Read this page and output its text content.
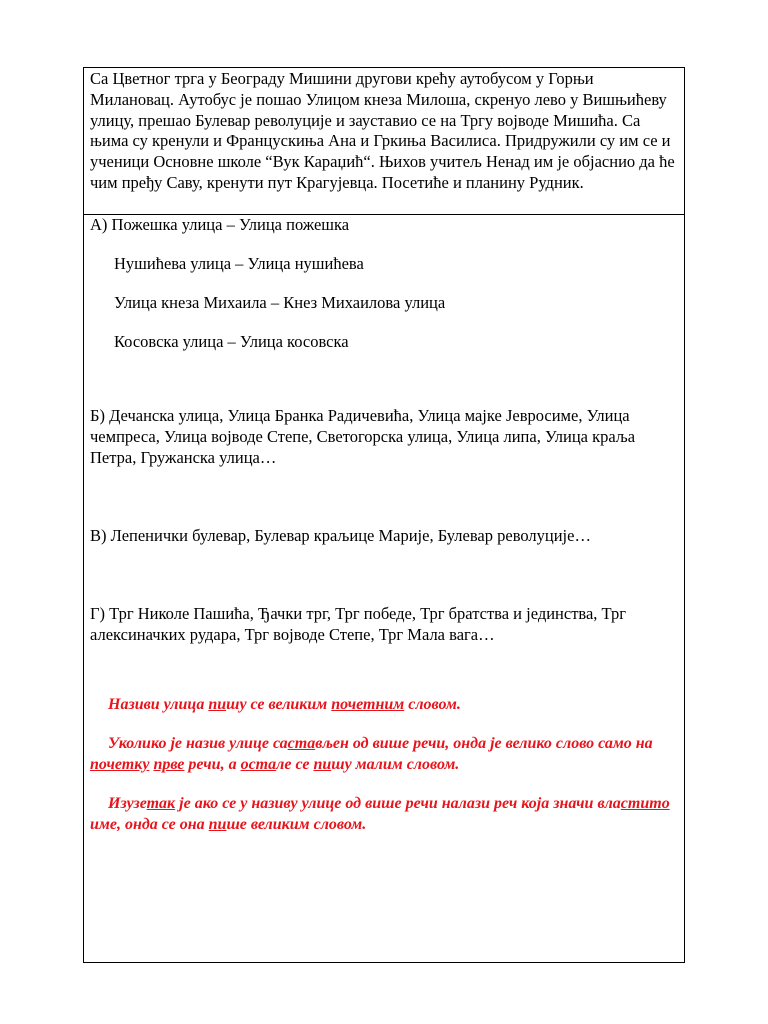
Са Цветног трга у Београду Мишини другови крећу аутобусом у Горњи Милановац. Аутобус је пошао Улицом кнеза Милоша, скренуо лево у Вишњићеву улицу, прешао Булевар револуције и зауставио се на Тргу војводе Мишића. Са њима су кренули и Францускиња Ана и Гркиња Василиса. Придружили су им се и ученици Основне школе “Вук Караџић“. Њихов учитељ Ненад им је објаснио да ће чим пређу Саву, кренути пут Крагујевца. Посетиће и планину Рудник.
А) Пожешка улица – Улица пожешка
Нушићева улица – Улица нушићева
Улица кнеза Михаила – Кнез Михаилова улица
Косовска улица – Улица косовска
Б) Дечанска улица, Улица Бранка Радичевића, Улица мајке Јевросиме, Улица чемпреса, Улица војводе Степе, Светогорска улица, Улица липа, Улица краља Петра, Гружанска улица…
В) Лепенички булевар, Булевар краљице Марије, Булевар револуције…
Г) Трг Николе Пашића, Ђачки трг, Трг победе, Трг братства и јединства, Трг алексиначких рудара, Трг војводе Степе, Трг Мала вага…
Називи улица пишу се великим почетним словом.
Уколико је назив улице састављен од више речи, онда је велико слово само на почетку прве речи, а остале се пишу малим словом.
Изузетак је ако се у називу улице од више речи налази реч која значи властитo име, онда се она пише великим словом.
